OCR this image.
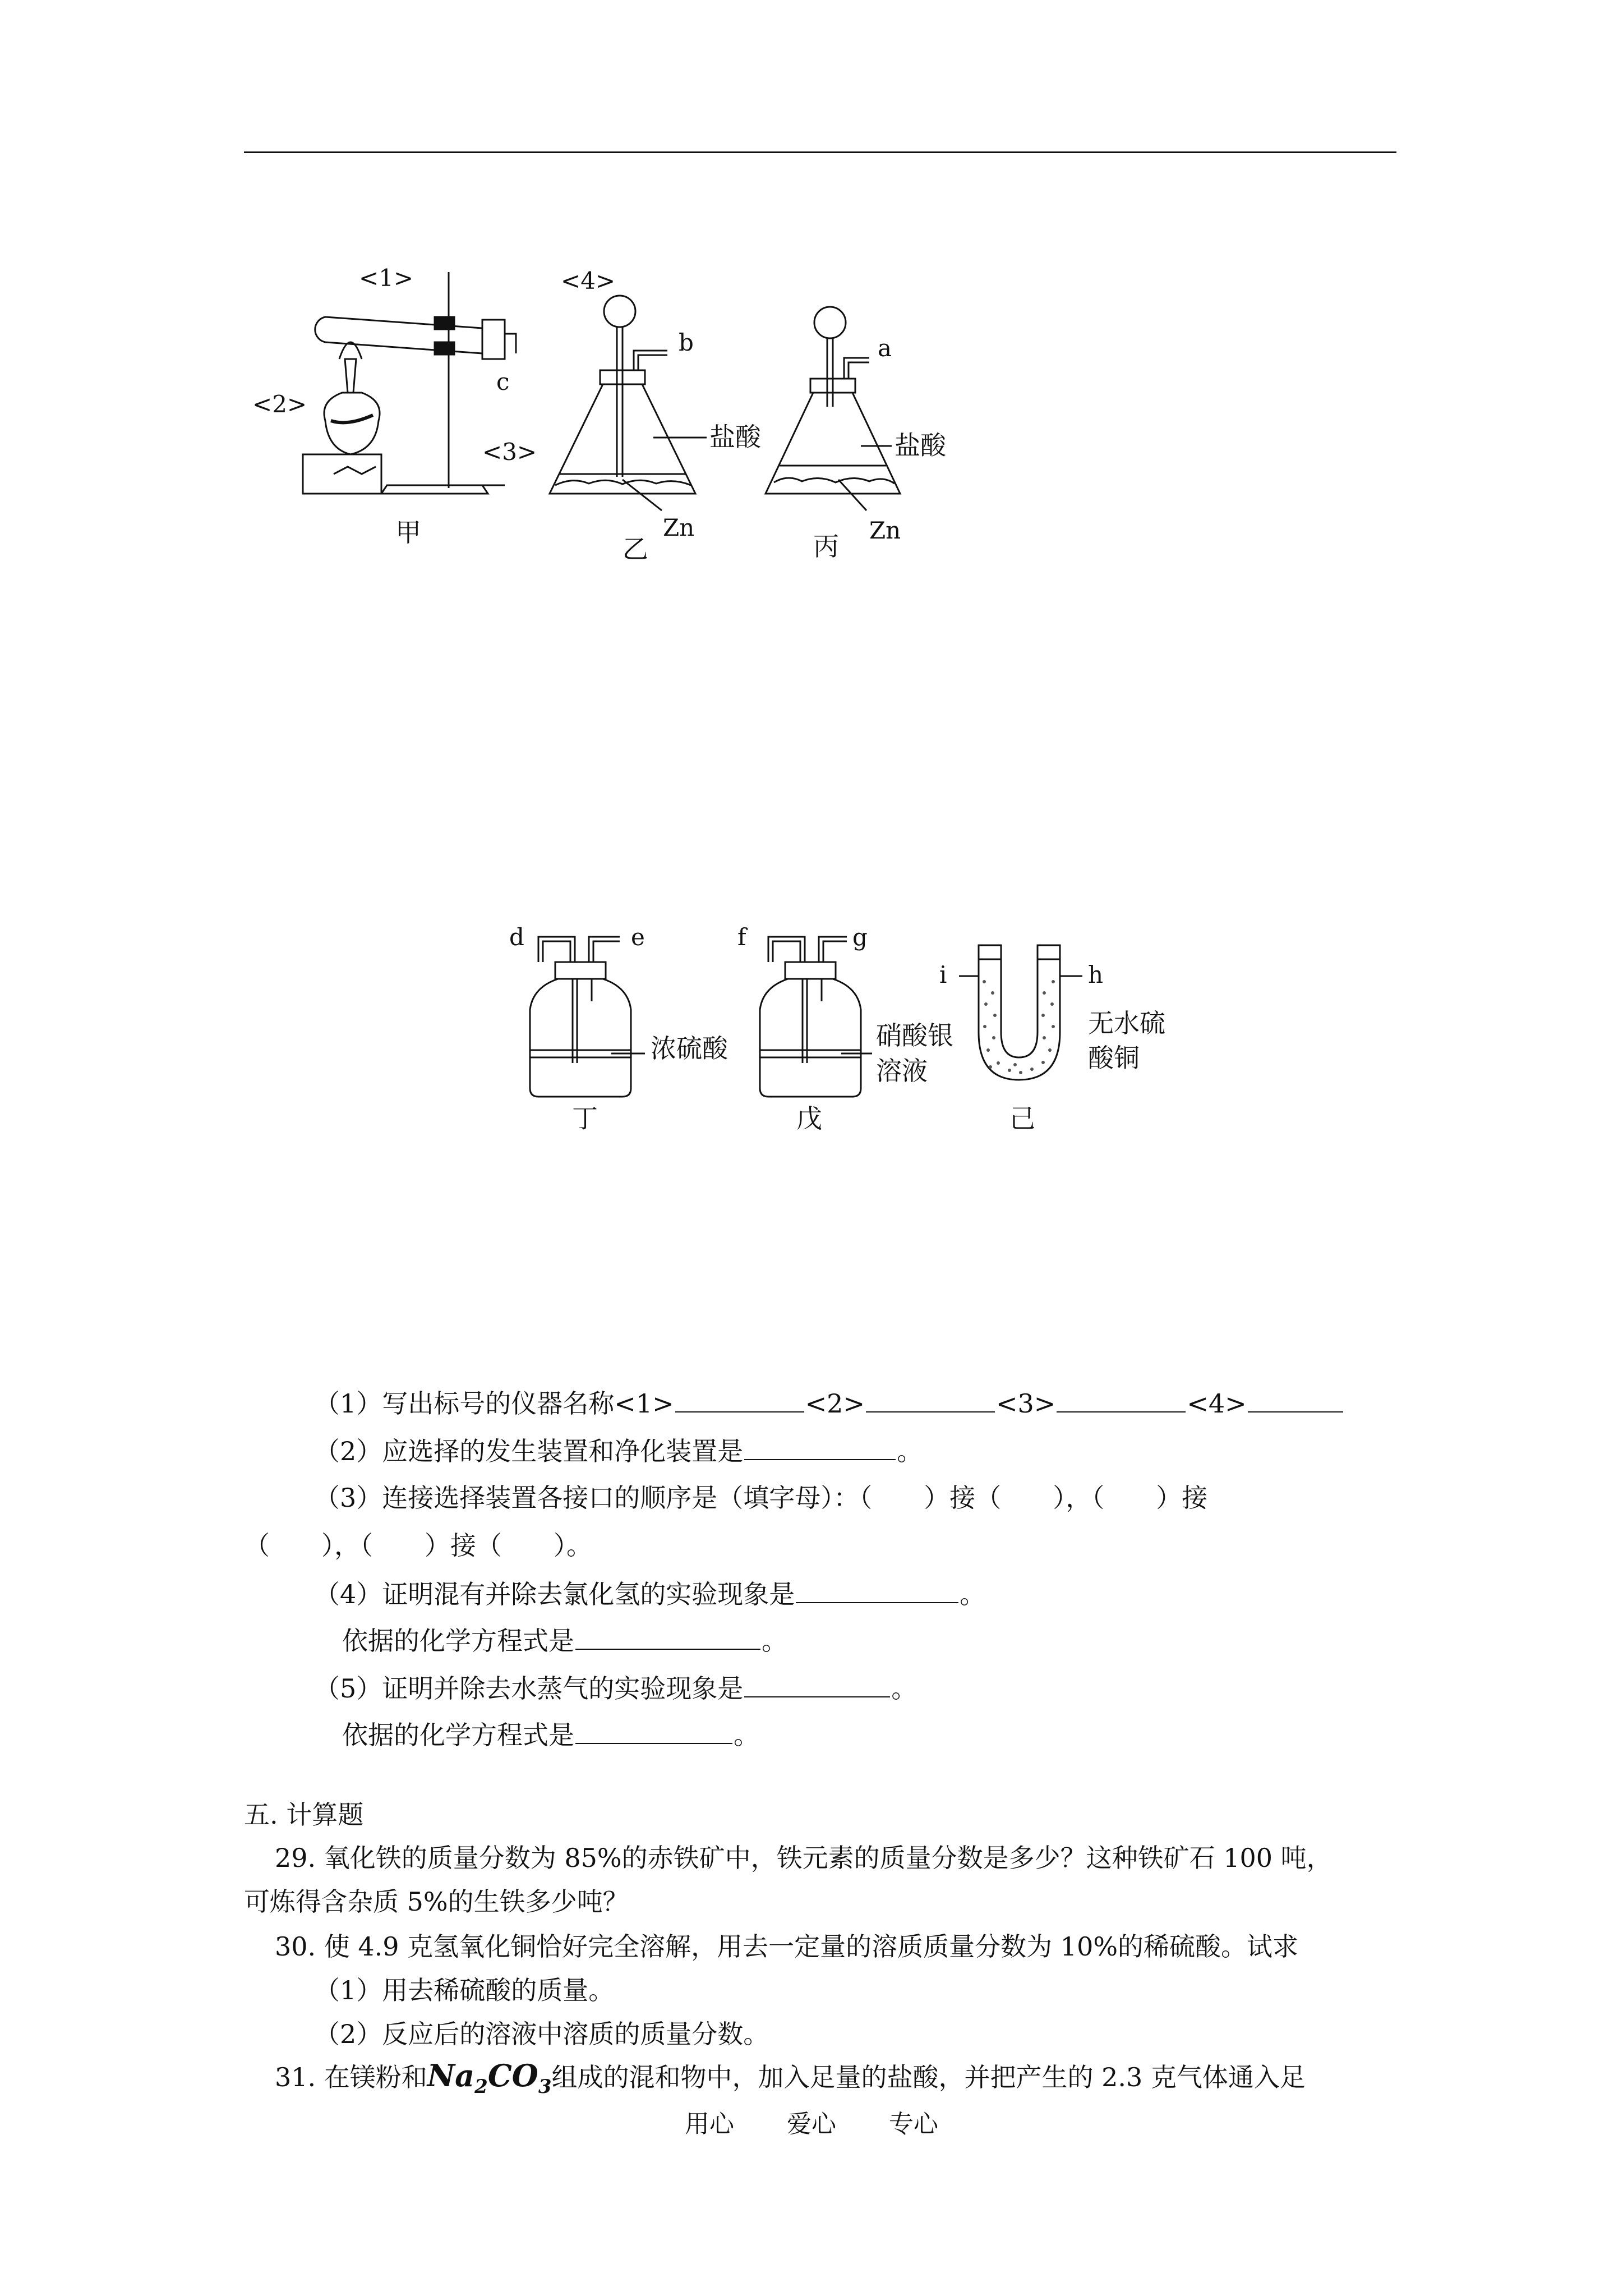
<1>
<2>
<3>
c
甲
<4>
b
盐酸
Zn
乙
a
盐酸
Zn
丙
d	e	f	g
i	h
浓硫酸	硝酸银
溶液
无水硫
酸铜
丁	戊	己
（1）写出标号的仪器名称<1>	<2>	<3>	<4>
（2）应选择的发生装置和净化装置是	。
（3）连接选择装置各接口的顺序是（填字母）：（　　）接（　　），（　　）接
（　　），（　　）接（　　）。
（4）证明混有并除去氯化氢的实验现象是	。
依据的化学方程式是	。
（5）证明并除去水蒸气的实验现象是	。
依据的化学方程式是	。
五. 计算题
29. 氧化铁的质量分数为 85%的赤铁矿中，铁元素的质量分数是多少？这种铁矿石 100 吨，
可炼得含杂质 5%的生铁多少吨？
30. 使 4.9 克氢氧化铜恰好完全溶解，用去一定量的溶质质量分数为 10%的稀硫酸。试求
（1）用去稀硫酸的质量。
（2）反应后的溶液中溶质的质量分数。
31. 在镁粉和$Na_2CO_3$组成的混和物中，加入足量的盐酸，并把产生的 2.3 克气体通入足
用心 爱心 专心
